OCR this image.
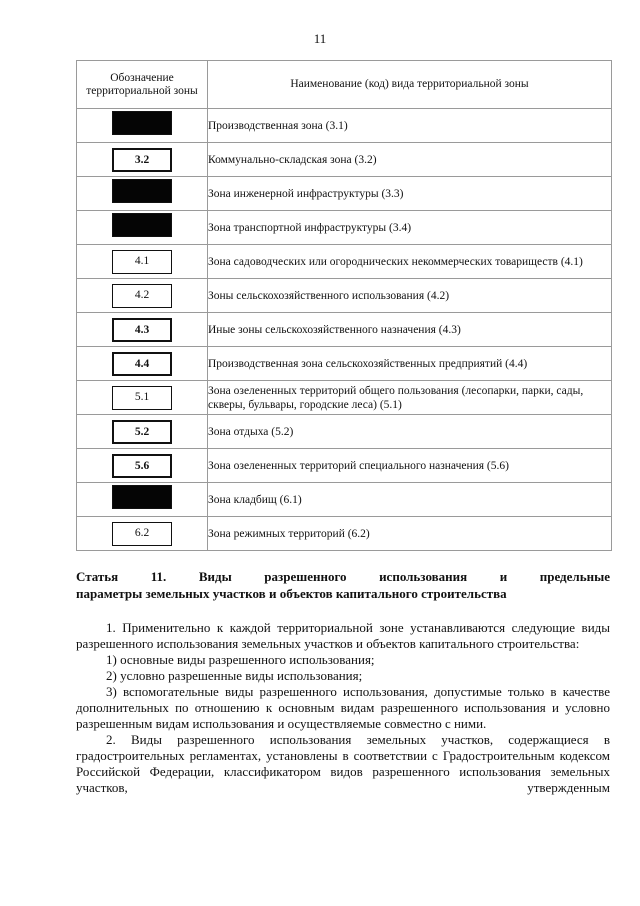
11
Обозначение территориальной зоны	Наименование (код) вида территориальной зоны
	Производственная зона (3.1)
3.2	Коммунально-складская зона (3.2)
	Зона инженерной инфраструктуры (3.3)
	Зона транспортной инфраструктуры (3.4)
4.1	Зона садоводческих или огороднических некоммерческих товариществ (4.1)
4.2	Зоны сельскохозяйственного использования (4.2)
4.3	Иные зоны сельскохозяйственного назначения (4.3)
4.4	Производственная зона сельскохозяйственных предприятий (4.4)
5.1	Зона озелененных территорий общего пользования (лесопарки, парки, сады, скверы, бульвары, городские леса) (5.1)
5.2	Зона отдыха (5.2)
5.6	Зона озелененных территорий специального назначения (5.6)
	Зона кладбищ (6.1)
6.2	Зона режимных территорий (6.2)
Статья 11. Виды разрешенного использования и предельные
параметры земельных участков и объектов капитального строительства

1. Применительно к каждой территориальной зоне устанавливаются следующие виды разрешенного использования земельных участков и объектов капитального строительства:

1) основные виды разрешенного использования;

2) условно разрешенные виды использования;

3) вспомогательные виды разрешенного использования, допустимые только в качестве дополнительных по отношению к основным видам разрешенного использования и условно разрешенным видам использования и осуществляемые совместно с ними.

2. Виды разрешенного использования земельных участков, содержащиеся в градостроительных регламентах, установлены в соответствии с Градостроительным кодексом Российской Федерации, классификатором видов разрешенного использования земельных участков, утвержденным
